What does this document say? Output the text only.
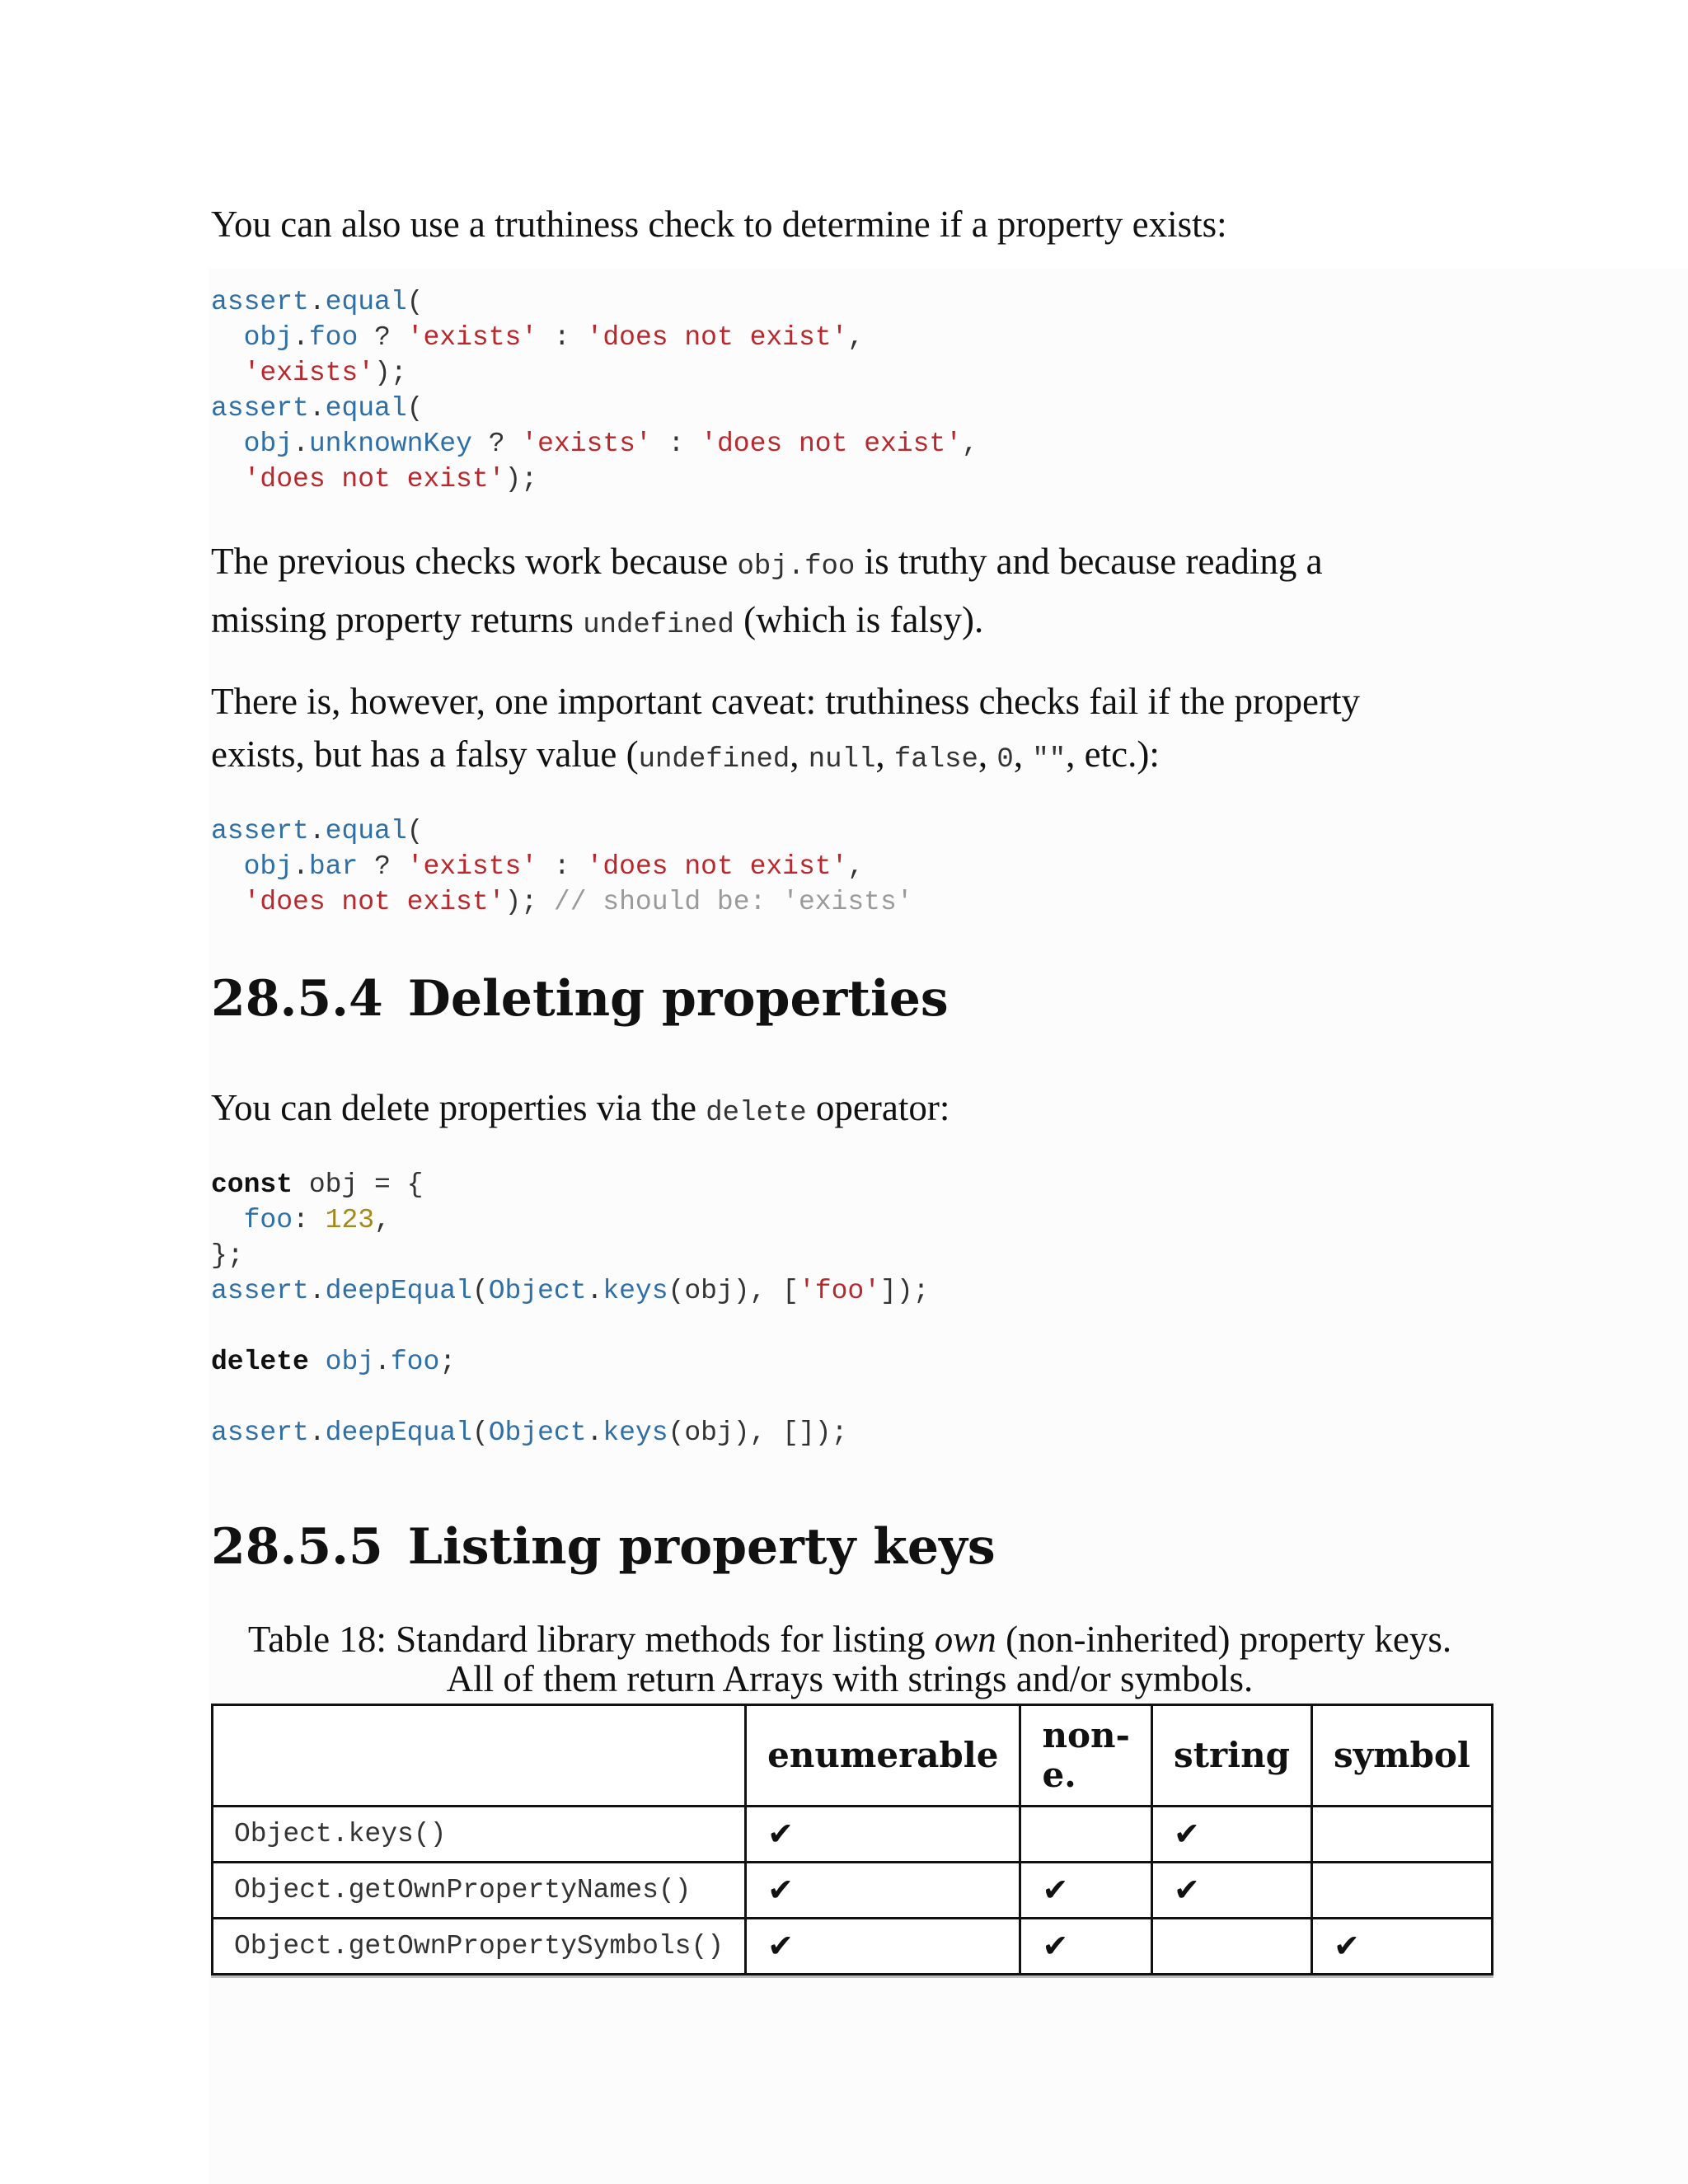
You can also use a truthiness check to determine if a property exists:

assert.equal(
obj.foo ? 'exists' : 'does not exist',
'exists');
assert.equal(
obj.unknownKey ? 'exists' : 'does not exist',
'does not exist');

The previous checks work because obj.foo is truthy and because reading a
missing property returns undefined (which is falsy).

There is, however, one important caveat: truthiness checks fail if the property
exists, but has a falsy value (undefined, null, false, 0, "", etc.):

assert.equal(
obj.bar ? 'exists' : 'does not exist',
'does not exist'); // should be: 'exists'
28.5.4 Deleting properties

You can delete properties via the delete operator:

const obj = {
foo: 123,
};
assert.deepEqual(Object.keys(obj), ['foo']);
delete obj.foo;
assert.deepEqual(Object.keys(obj), []);
28.5.5 Listing property keys

Table 18: Standard library methods for listing own (non-inherited) property keys.
All of them return Arrays with strings and/or symbols.

	enumerable	non-e.	string	symbol
Object.keys()	✔		✔	
Object.getOwnPropertyNames()	✔	✔	✔	
Object.getOwnPropertySymbols()	✔	✔		✔
